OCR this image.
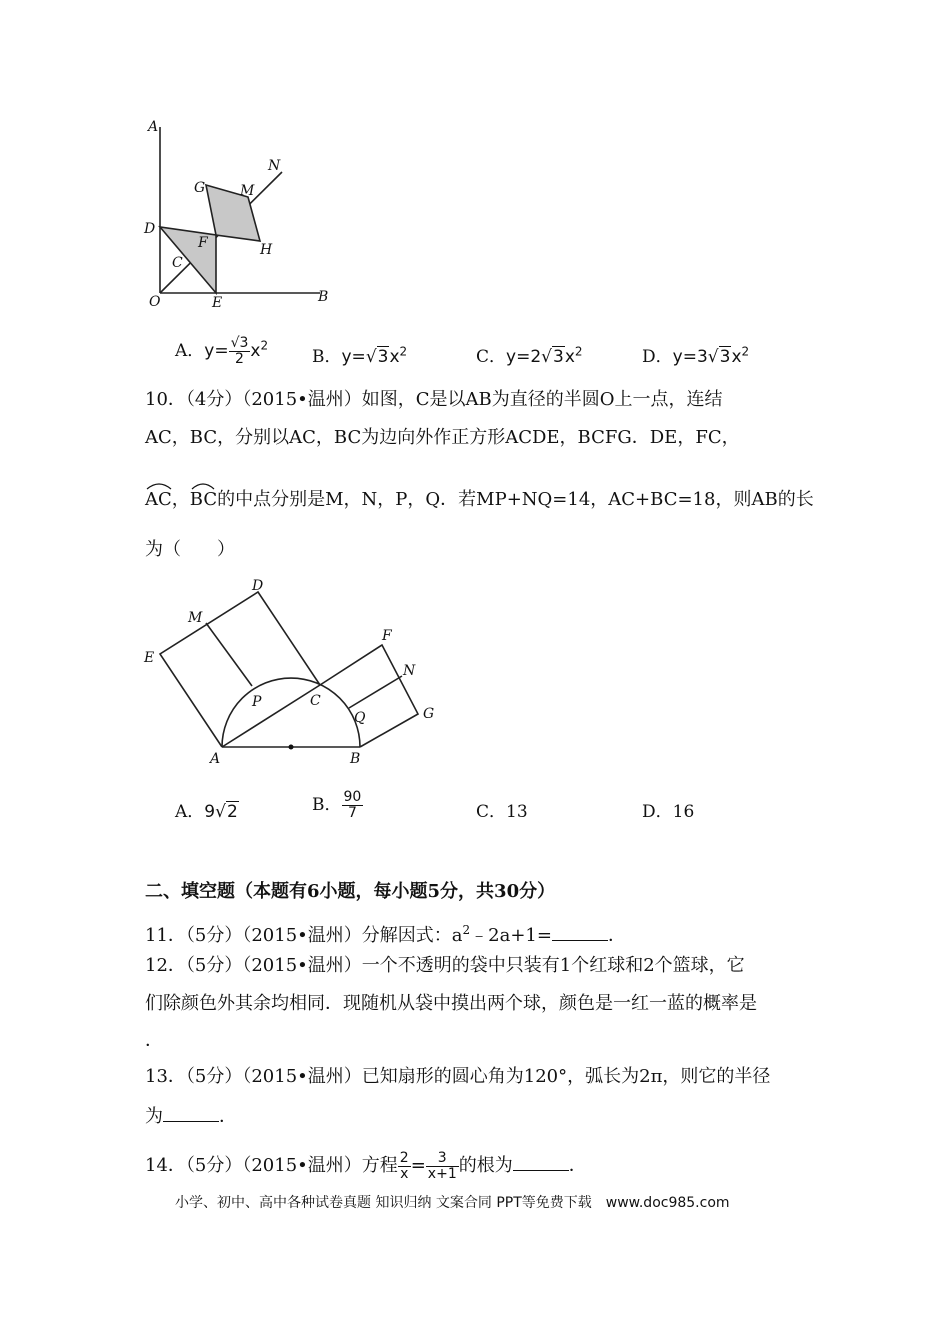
A
B
O
D
E
C
F
G M
N
H
A．$y= \frac{√3}{2} x^2$
B．$y=√3x^2$	C．$y=2√3x^2$	D．$y=3√3x^2$
10．（4分）（2015•温州）如图，C是以AB为直径的半圆O上一点，连结
AC，BC，分别以AC，BC为边向外作正方形ACDE，BCFG．DE，FC，
AC，
BC的中点分别是M，N，P，Q．若MP+NQ=14，AC+BC=18，则AB的长
为（　　）
D
M
E
F
N
P	C
Q	G
A	B
A．9√2	B． $\frac{90}{7}$	C．13	D．16
二、填空题（本题有6小题，每小题5分，共30分）
11．（5分）（2015•温州）分解因式：$a^2﹣2a+1=$	．
12．（5分）（2015•温州）一个不透明的袋中只装有1个红球和2个篮球，它
们除颜色外其余均相同．现随机从袋中摸出两个球，颜色是一红一蓝的概率是
．
13．（5分）（2015•温州）已知扇形的圆心角为120°，弧长为2π，则它的半径
为	．
14．（5分）（2015•温州）方程 $\frac{2}{x} = \frac{3}{x+1}$ 的根为	．
小学、初中、高中各种试卷真题 知识归纳 文案合同 PPT等免费下载　www.doc985.com
